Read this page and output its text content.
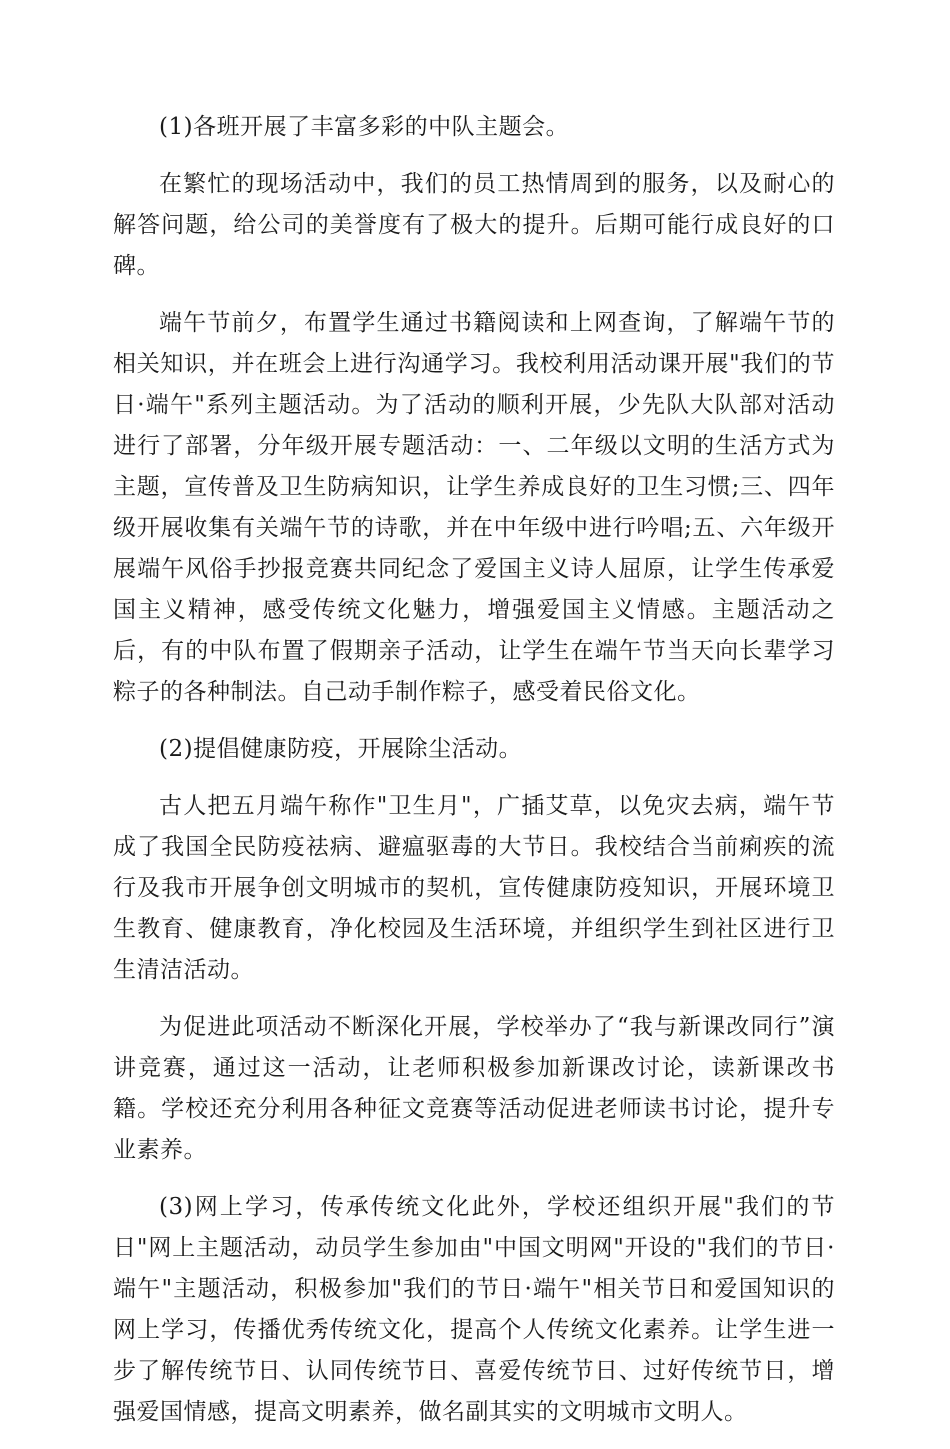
(1)各班开展了丰富多彩的中队主题会。

在繁忙的现场活动中，我们的员工热情周到的服务，以及耐心的解答问题，给公司的美誉度有了极大的提升。后期可能行成良好的口碑。

端午节前夕，布置学生通过书籍阅读和上网查询，了解端午节的相关知识，并在班会上进行沟通学习。我校利用活动课开展"我们的节日·端午"系列主题活动。为了活动的顺利开展，少先队大队部对活动进行了部署，分年级开展专题活动：一、二年级以文明的生活方式为主题，宣传普及卫生防病知识，让学生养成良好的卫生习惯;三、四年级开展收集有关端午节的诗歌，并在中年级中进行吟唱;五、六年级开展端午风俗手抄报竞赛共同纪念了爱国主义诗人屈原，让学生传承爱国主义精神，感受传统文化魅力，增强爱国主义情感。主题活动之后，有的中队布置了假期亲子活动，让学生在端午节当天向长辈学习粽子的各种制法。自己动手制作粽子，感受着民俗文化。

(2)提倡健康防疫，开展除尘活动。

古人把五月端午称作"卫生月"，广插艾草，以免灾去病，端午节成了我国全民防疫祛病、避瘟驱毒的大节日。我校结合当前痢疾的流行及我市开展争创文明城市的契机，宣传健康防疫知识，开展环境卫生教育、健康教育，净化校园及生活环境，并组织学生到社区进行卫生清洁活动。

为促进此项活动不断深化开展，学校举办了“我与新课改同行”演讲竞赛，通过这一活动，让老师积极参加新课改讨论，读新课改书籍。学校还充分利用各种征文竞赛等活动促进老师读书讨论，提升专业素养。

(3)网上学习，传承传统文化此外，学校还组织开展"我们的节日"网上主题活动，动员学生参加由"中国文明网"开设的"我们的节日·端午"主题活动，积极参加"我们的节日·端午"相关节日和爱国知识的网上学习，传播优秀传统文化，提高个人传统文化素养。让学生进一步了解传统节日、认同传统节日、喜爱传统节日、过好传统节日，增强爱国情感，提高文明素养，做名副其实的文明城市文明人。
